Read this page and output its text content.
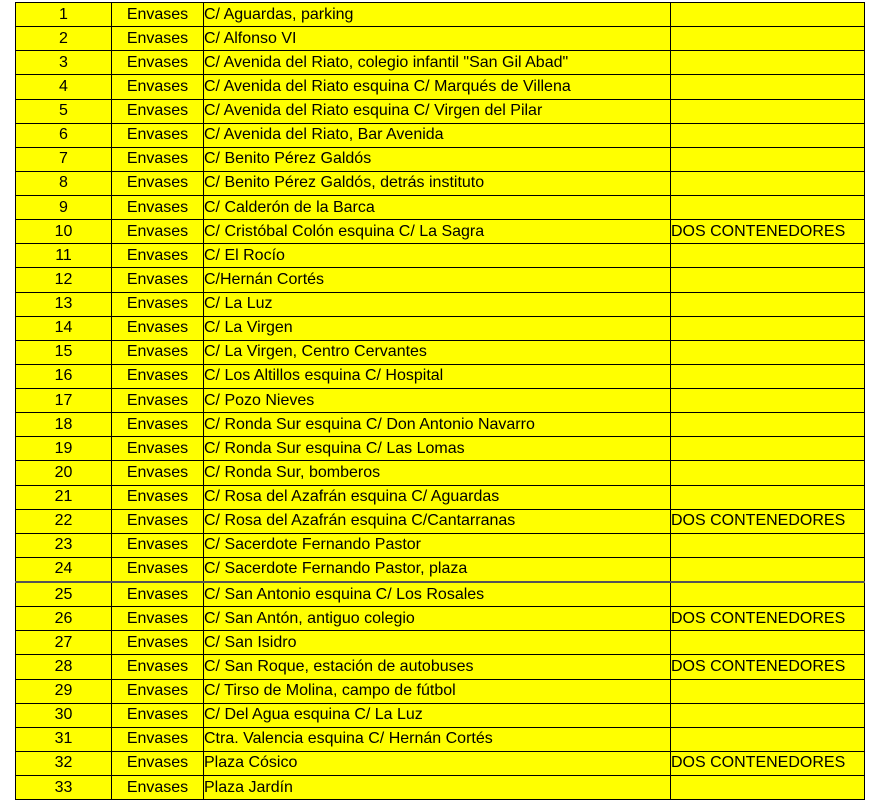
1	Envases	C/ Aguardas, parking	
2	Envases	C/ Alfonso VI	
3	Envases	C/ Avenida del Riato, colegio infantil "San Gil Abad"	
4	Envases	C/ Avenida del Riato esquina C/ Marqués de Villena	
5	Envases	C/ Avenida del Riato esquina C/ Virgen del Pilar	
6	Envases	C/ Avenida del Riato, Bar Avenida	
7	Envases	C/ Benito Pérez Galdós	
8	Envases	C/ Benito Pérez Galdós, detrás instituto	
9	Envases	C/ Calderón de la Barca	
10	Envases	C/ Cristóbal Colón esquina C/ La Sagra	DOS CONTENEDORES
11	Envases	C/ El Rocío	
12	Envases	C/Hernán Cortés	
13	Envases	C/ La Luz	
14	Envases	C/ La Virgen	
15	Envases	C/ La Virgen, Centro Cervantes	
16	Envases	C/ Los Altillos esquina C/ Hospital	
17	Envases	C/ Pozo Nieves	
18	Envases	C/ Ronda Sur esquina C/ Don Antonio Navarro	
19	Envases	C/ Ronda Sur esquina C/ Las Lomas	
20	Envases	C/ Ronda Sur, bomberos	
21	Envases	C/ Rosa del Azafrán esquina C/ Aguardas	
22	Envases	C/ Rosa del Azafrán esquina C/Cantarranas	DOS CONTENEDORES
23	Envases	C/ Sacerdote Fernando Pastor	
24	Envases	C/ Sacerdote Fernando Pastor, plaza	
25	Envases	C/ San Antonio esquina C/ Los Rosales	
26	Envases	C/ San Antón, antiguo colegio	DOS CONTENEDORES
27	Envases	C/ San Isidro	
28	Envases	C/ San Roque, estación de autobuses	DOS CONTENEDORES
29	Envases	C/ Tirso de Molina, campo de fútbol	
30	Envases	C/ Del Agua esquina C/ La Luz	
31	Envases	Ctra. Valencia esquina C/ Hernán Cortés	
32	Envases	Plaza Cósico	DOS CONTENEDORES
33	Envases	Plaza Jardín	
